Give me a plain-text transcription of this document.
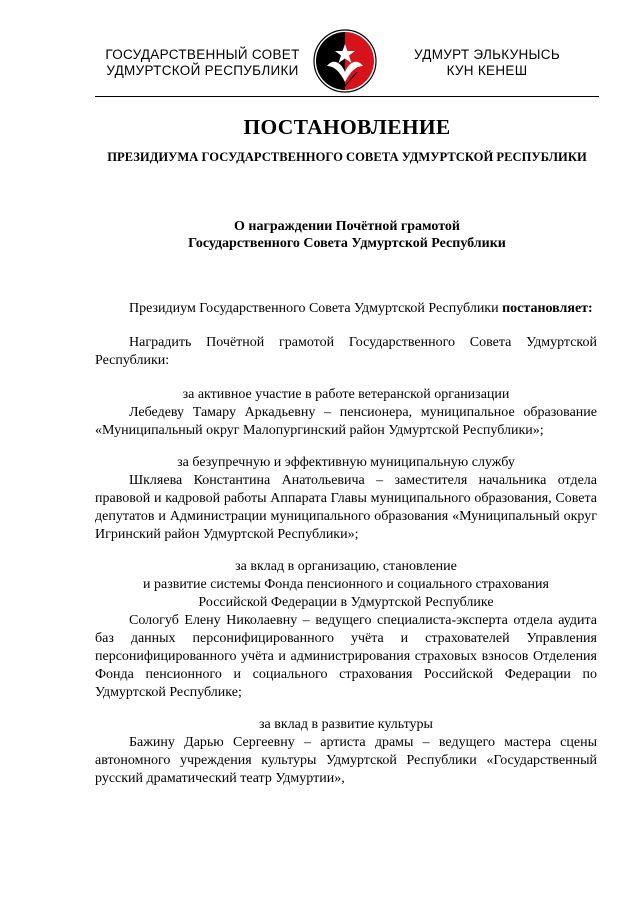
ГОСУДАРСТВЕННЫЙ СОВЕТ
УДМУРТСКОЙ РЕСПУБЛИКИ
УДМУРТ ЭЛЬКУНЫСЬ
КУН КЕНЕШ
ПОСТАНОВЛЕНИЕ
ПРЕЗИДИУМА ГОСУДАРСТВЕННОГО СОВЕТА УДМУРТСКОЙ РЕСПУБЛИКИ
О награждении Почётной грамотой
Государственного Совета Удмуртской Республики

Президиум Государственного Совета Удмуртской Республики постановляет:

Наградить Почётной грамотой Государственного Совета Удмуртской Республики:

за активное участие в работе ветеранской организации

Лебедеву Тамару Аркадьевну – пенсионера, муниципальное образование «Муниципальный округ Малопургинский район Удмуртской Республики»;

за безупречную и эффективную муниципальную службу

Шкляева Константина Анатольевича – заместителя начальника отдела правовой и кадровой работы Аппарата Главы муниципального образования, Совета депутатов и Администрации муниципального образования «Муниципальный округ Игринский район Удмуртской Республики»;

за вклад в организацию, становление

и развитие системы Фонда пенсионного и социального страхования

Российской Федерации в Удмуртской Республике

Сологуб Елену Николаевну – ведущего специалиста-эксперта отдела аудита баз данных персонифицированного учёта и страхователей Управления персонифицированного учёта и администрирования страховых взносов Отделения Фонда пенсионного и социального страхования Российской Федерации по Удмуртской Республике;

за вклад в развитие культуры

Бажину Дарью Сергеевну – артиста драмы – ведущего мастера сцены автономного учреждения культуры Удмуртской Республики «Государственный русский драматический театр Удмуртии»,
